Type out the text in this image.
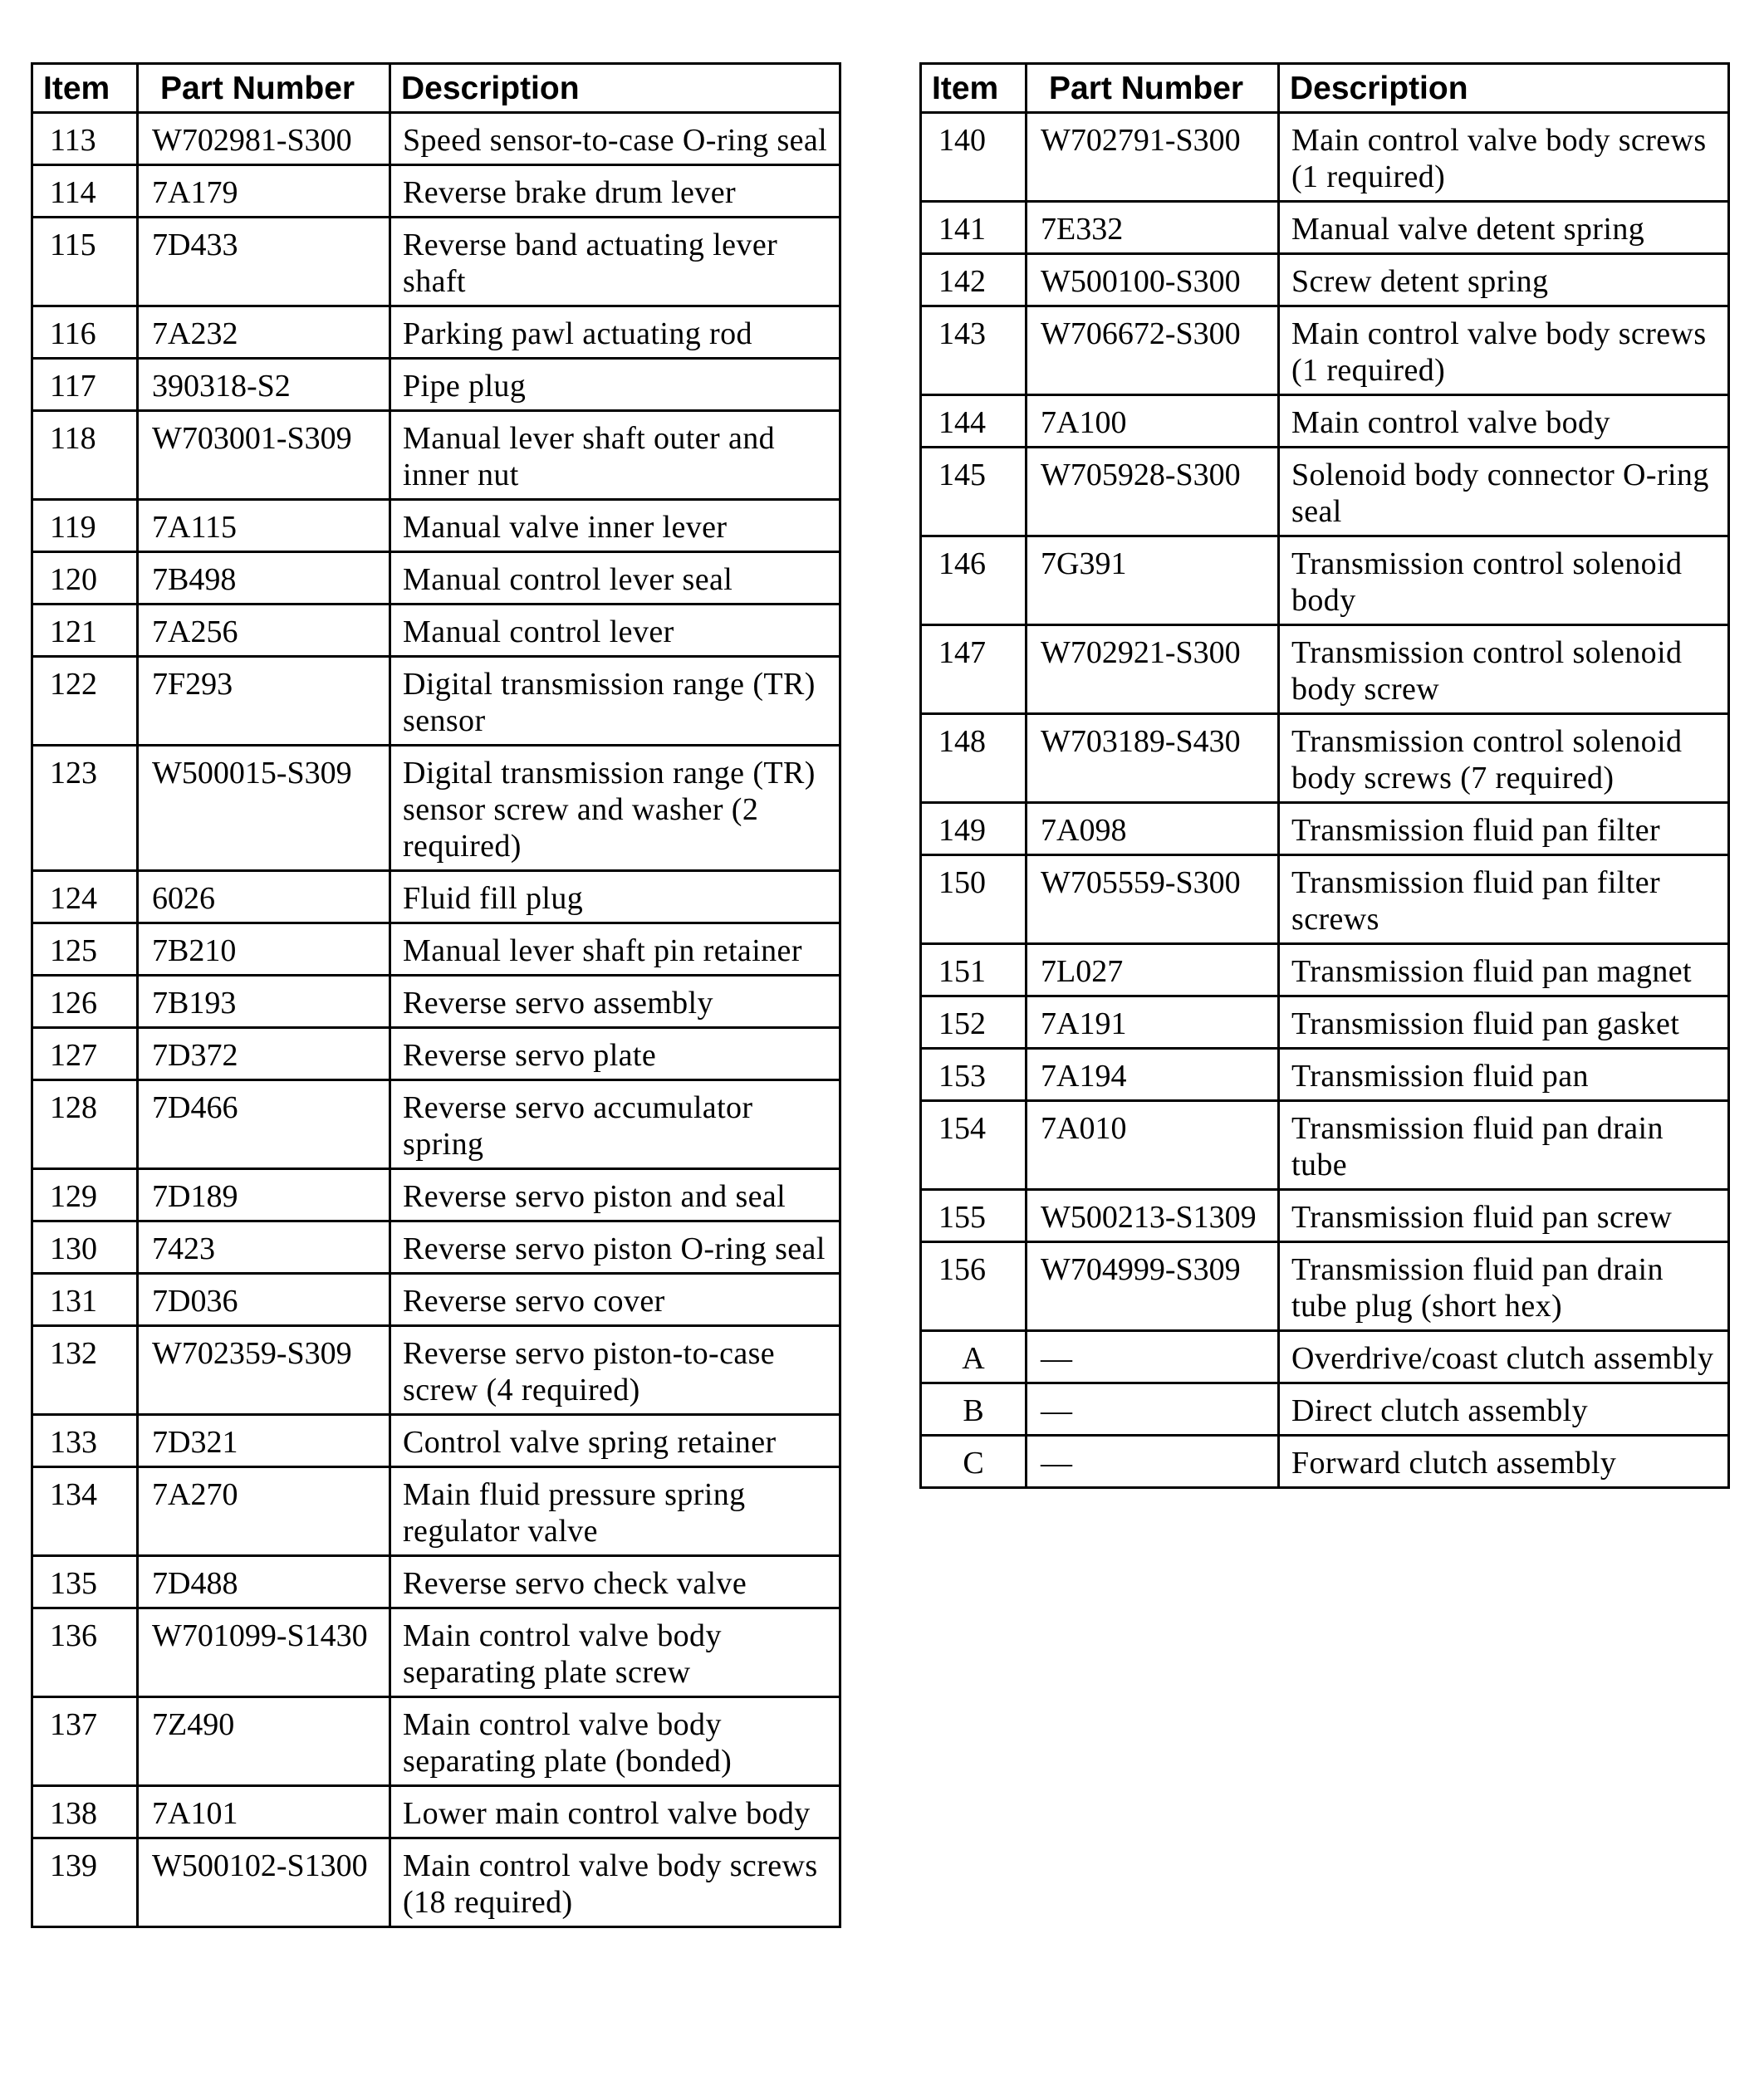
Item	Part Number	Description
113	W702981-S300	Speed sensor-to-case O-ring seal
114	7A179	Reverse brake drum lever
115	7D433	Reverse band actuating lever shaft
116	7A232	Parking pawl actuating rod
117	390318-S2	Pipe plug
118	W703001-S309	Manual lever shaft outer and inner nut
119	7A115	Manual valve inner lever
120	7B498	Manual control lever seal
121	7A256	Manual control lever
122	7F293	Digital transmission range (TR) sensor
123	W500015-S309	Digital transmission range (TR) sensor screw and washer (2 required)
124	6026	Fluid fill plug
125	7B210	Manual lever shaft pin retainer
126	7B193	Reverse servo assembly
127	7D372	Reverse servo plate
128	7D466	Reverse servo accumulator spring
129	7D189	Reverse servo piston and seal
130	7423	Reverse servo piston O-ring seal
131	7D036	Reverse servo cover
132	W702359-S309	Reverse servo piston-to-case screw (4 required)
133	7D321	Control valve spring retainer
134	7A270	Main fluid pressure spring regulator valve
135	7D488	Reverse servo check valve
136	W701099-S1430	Main control valve body separating plate screw
137	7Z490	Main control valve body separating plate (bonded)
138	7A101	Lower main control valve body
139	W500102-S1300	Main control valve body screws (18 required)
Item	Part Number	Description
140	W702791-S300	Main control valve body screws (1 required)
141	7E332	Manual valve detent spring
142	W500100-S300	Screw detent spring
143	W706672-S300	Main control valve body screws (1 required)
144	7A100	Main control valve body
145	W705928-S300	Solenoid body connector O-ring seal
146	7G391	Transmission control solenoid body
147	W702921-S300	Transmission control solenoid body screw
148	W703189-S430	Transmission control solenoid body screws (7 required)
149	7A098	Transmission fluid pan filter
150	W705559-S300	Transmission fluid pan filter screws
151	7L027	Transmission fluid pan magnet
152	7A191	Transmission fluid pan gasket
153	7A194	Transmission fluid pan
154	7A010	Transmission fluid pan drain tube
155	W500213-S1309	Transmission fluid pan screw
156	W704999-S309	Transmission fluid pan drain tube plug (short hex)
A	—	Overdrive/coast clutch assembly
B	—	Direct clutch assembly
C	—	Forward clutch assembly
